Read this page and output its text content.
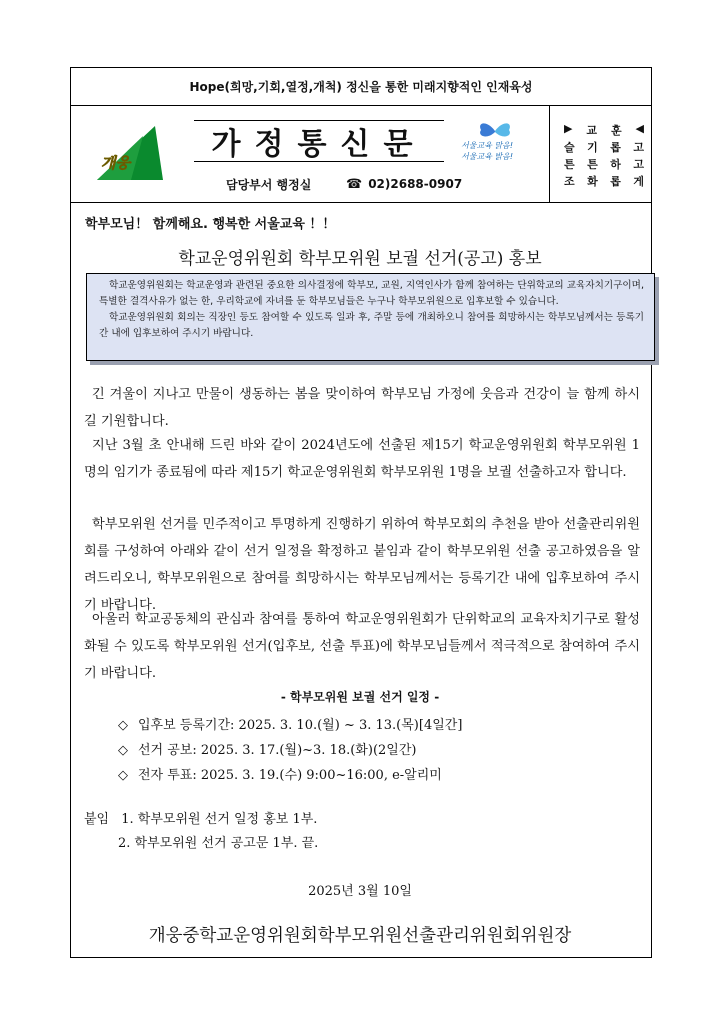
Hope(희망,기회,열정,개척) 정신을 통한 미래지향적인 인재육성
개웅
가정통신문
담당부서 행정실	☎ 02)2688-0907
서울교육 맑음!
서울교육 밝음!
▶ 교 훈 ◀
슬 기 롭 고
튼 튼 하 고
조 화 롭 게
학부모님！ 함께해요. 행복한 서울교육 ！！
학교운영위원회 학부모위원 보궐 선거(공고) 홍보

학교운영위원회는 학교운영과 관련된 중요한 의사결정에 학부모, 교원, 지역인사가 함께 참여하는 단위학교의 교육자치기구이며, 특별한 결격사유가 없는 한, 우리학교에 자녀를 둔 학부모님들은 누구나 학부모위원으로 입후보할 수 있습니다.

학교운영위원회 회의는 직장인 등도 참여할 수 있도록 일과 후, 주말 등에 개최하오니 참여를 희망하시는 학부모님께서는 등록기간 내에 입후보하여 주시기 바랍니다.

긴 겨울이 지나고 만물이 생동하는 봄을 맞이하여 학부모님 가정에 웃음과 건강이 늘 함께 하시길 기원합니다.

지난 3월 초 안내해 드린 바와 같이 2024년도에 선출된 제15기 학교운영위원회 학부모위원 1명의 임기가 종료됨에 따라 제15기 학교운영위원회 학부모위원 1명을 보궐 선출하고자 합니다.

학부모위원 선거를 민주적이고 투명하게 진행하기 위하여 학부모회의 추천을 받아 선출관리위원회를 구성하여 아래와 같이 선거 일정을 확정하고 붙임과 같이 학부모위원 선출 공고하였음을 알려드리오니, 학부모위원으로 참여를 희망하시는 학부모님께서는 등록기간 내에 입후보하여 주시기 바랍니다.

아울러 학교공동체의 관심과 참여를 통하여 학교운영위원회가 단위학교의 교육자치기구로 활성화될 수 있도록 학부모위원 선거(입후보, 선출 투표)에 학부모님들께서 적극적으로 참여하여 주시기 바랍니다.

- 학부모위원 보궐 선거 일정 -
◇ 입후보 등록기간: 2025. 3. 10.(월) ~ 3. 13.(목)[4일간]
◇ 선거 공보: 2025. 3. 17.(월)~3. 18.(화)(2일간)
◇ 전자 투표: 2025. 3. 19.(수) 9:00~16:00, e-알리미
붙임 1. 학부모위원 선거 일정 홍보 1부.
2. 학부모위원 선거 공고문 1부. 끝.
2025년 3월 10일
개웅중학교운영위원회학부모위원선출관리위원회위원장
